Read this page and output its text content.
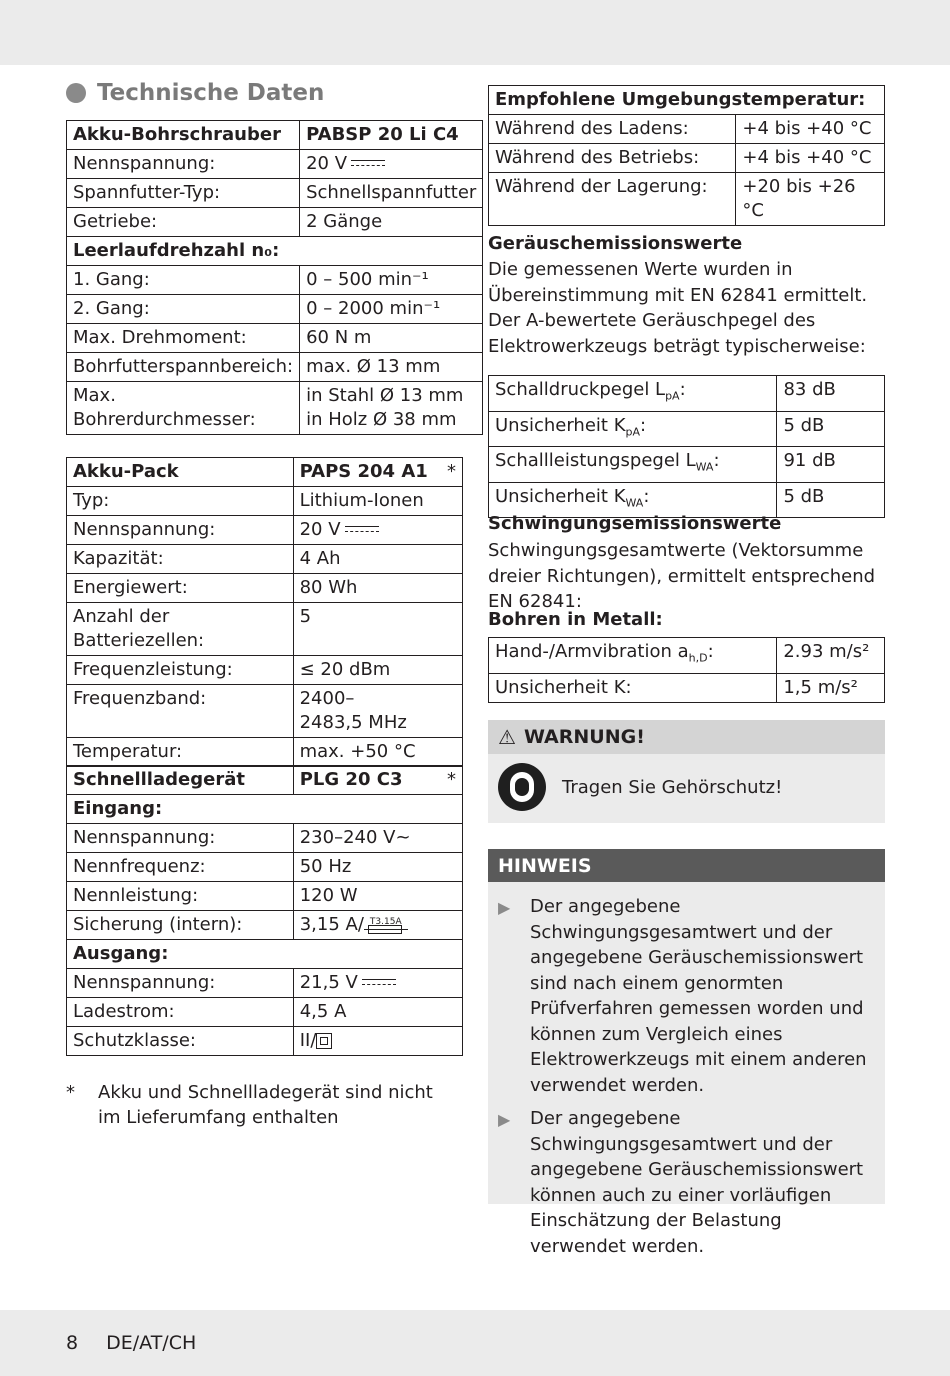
Technische Daten
Akku-Bohrschrauber	PABSP 20 Li C4
Nennspannung:	20 V
Spannfutter-Typ:	Schnellspannfutter
Getriebe:	2 Gänge
Leerlaufdrehzahl n₀:	
1. Gang:	0 – 500 min⁻¹
2. Gang:	0 – 2000 min⁻¹
Max. Drehmoment:	60 N m
Bohrfutterspannbereich:	max. Ø 13 mm
Max. Bohrerdurchmesser:	in Stahl Ø 13 mm
in Holz Ø 38 mm
Akku-Pack	PAPS 204 A1 *

Typ:	Lithium-Ionen
Nennspannung:	20 V
Kapazität:	4 Ah
Energiewert:	80 Wh
Anzahl der Batteriezellen:	5
Frequenzleistung:	≤ 20 dBm
Frequenzband:	2400–
2483,5 MHz
Temperatur:	max. +50 °C
Schnellladegerät	PLG 20 C3 *

Eingang:	
Nennspannung:	230–240 V~
Nennfrequenz:	50 Hz
Nennleistung:	120 W
Sicherung (intern):	3,15 A/ T3.15A

Ausgang:	
Nennspannung:	21,5 V
Ladestrom:	4,5 A
Schutzklasse:	II/
* Akku und Schnellladegerät sind nicht im Lieferumfang enthalten
Empfohlene Umgebungstemperatur:	
Während des Ladens:	+4 bis +40 °C
Während des Betriebs:	+4 bis +40 °C
Während der Lagerung:	+20 bis +26 °C
Geräuschemissionswerte
Die gemessenen Werte wurden in Übereinstimmung mit EN 62841 ermittelt. Der A-bewertete Geräuschpegel des Elektrowerkzeugs beträgt typischerweise:
Schalldruckpegel $L_{pA}$:	83 dB
Unsicherheit $K_{pA}$:	5 dB
Schallleistungspegel $L_{WA}$:	91 dB
Unsicherheit $K_{WA}$:	5 dB
Schwingungsemissionswerte
Schwingungsgesamtwerte (Vektorsumme dreier Richtungen), ermittelt entsprechend EN 62841:
Bohren in Metall:
Hand-/Armvibration $a_{h,D}$:	2.93 m/s²
Unsicherheit K:	1,5 m/s²
⚠ WARNUNG!
Tragen Sie Gehörschutz!
HINWEIS
▶ Der angegebene Schwingungsgesamtwert und der angegebene Geräuschemissionswert sind nach einem genormten Prüfverfahren gemessen worden und können zum Vergleich eines Elektrowerkzeugs mit einem anderen verwendet werden.
▶ Der angegebene Schwingungsgesamtwert und der angegebene Geräuschemissionswert können auch zu einer vorläufigen Einschätzung der Belastung verwendet werden.
8 DE/AT/CH
